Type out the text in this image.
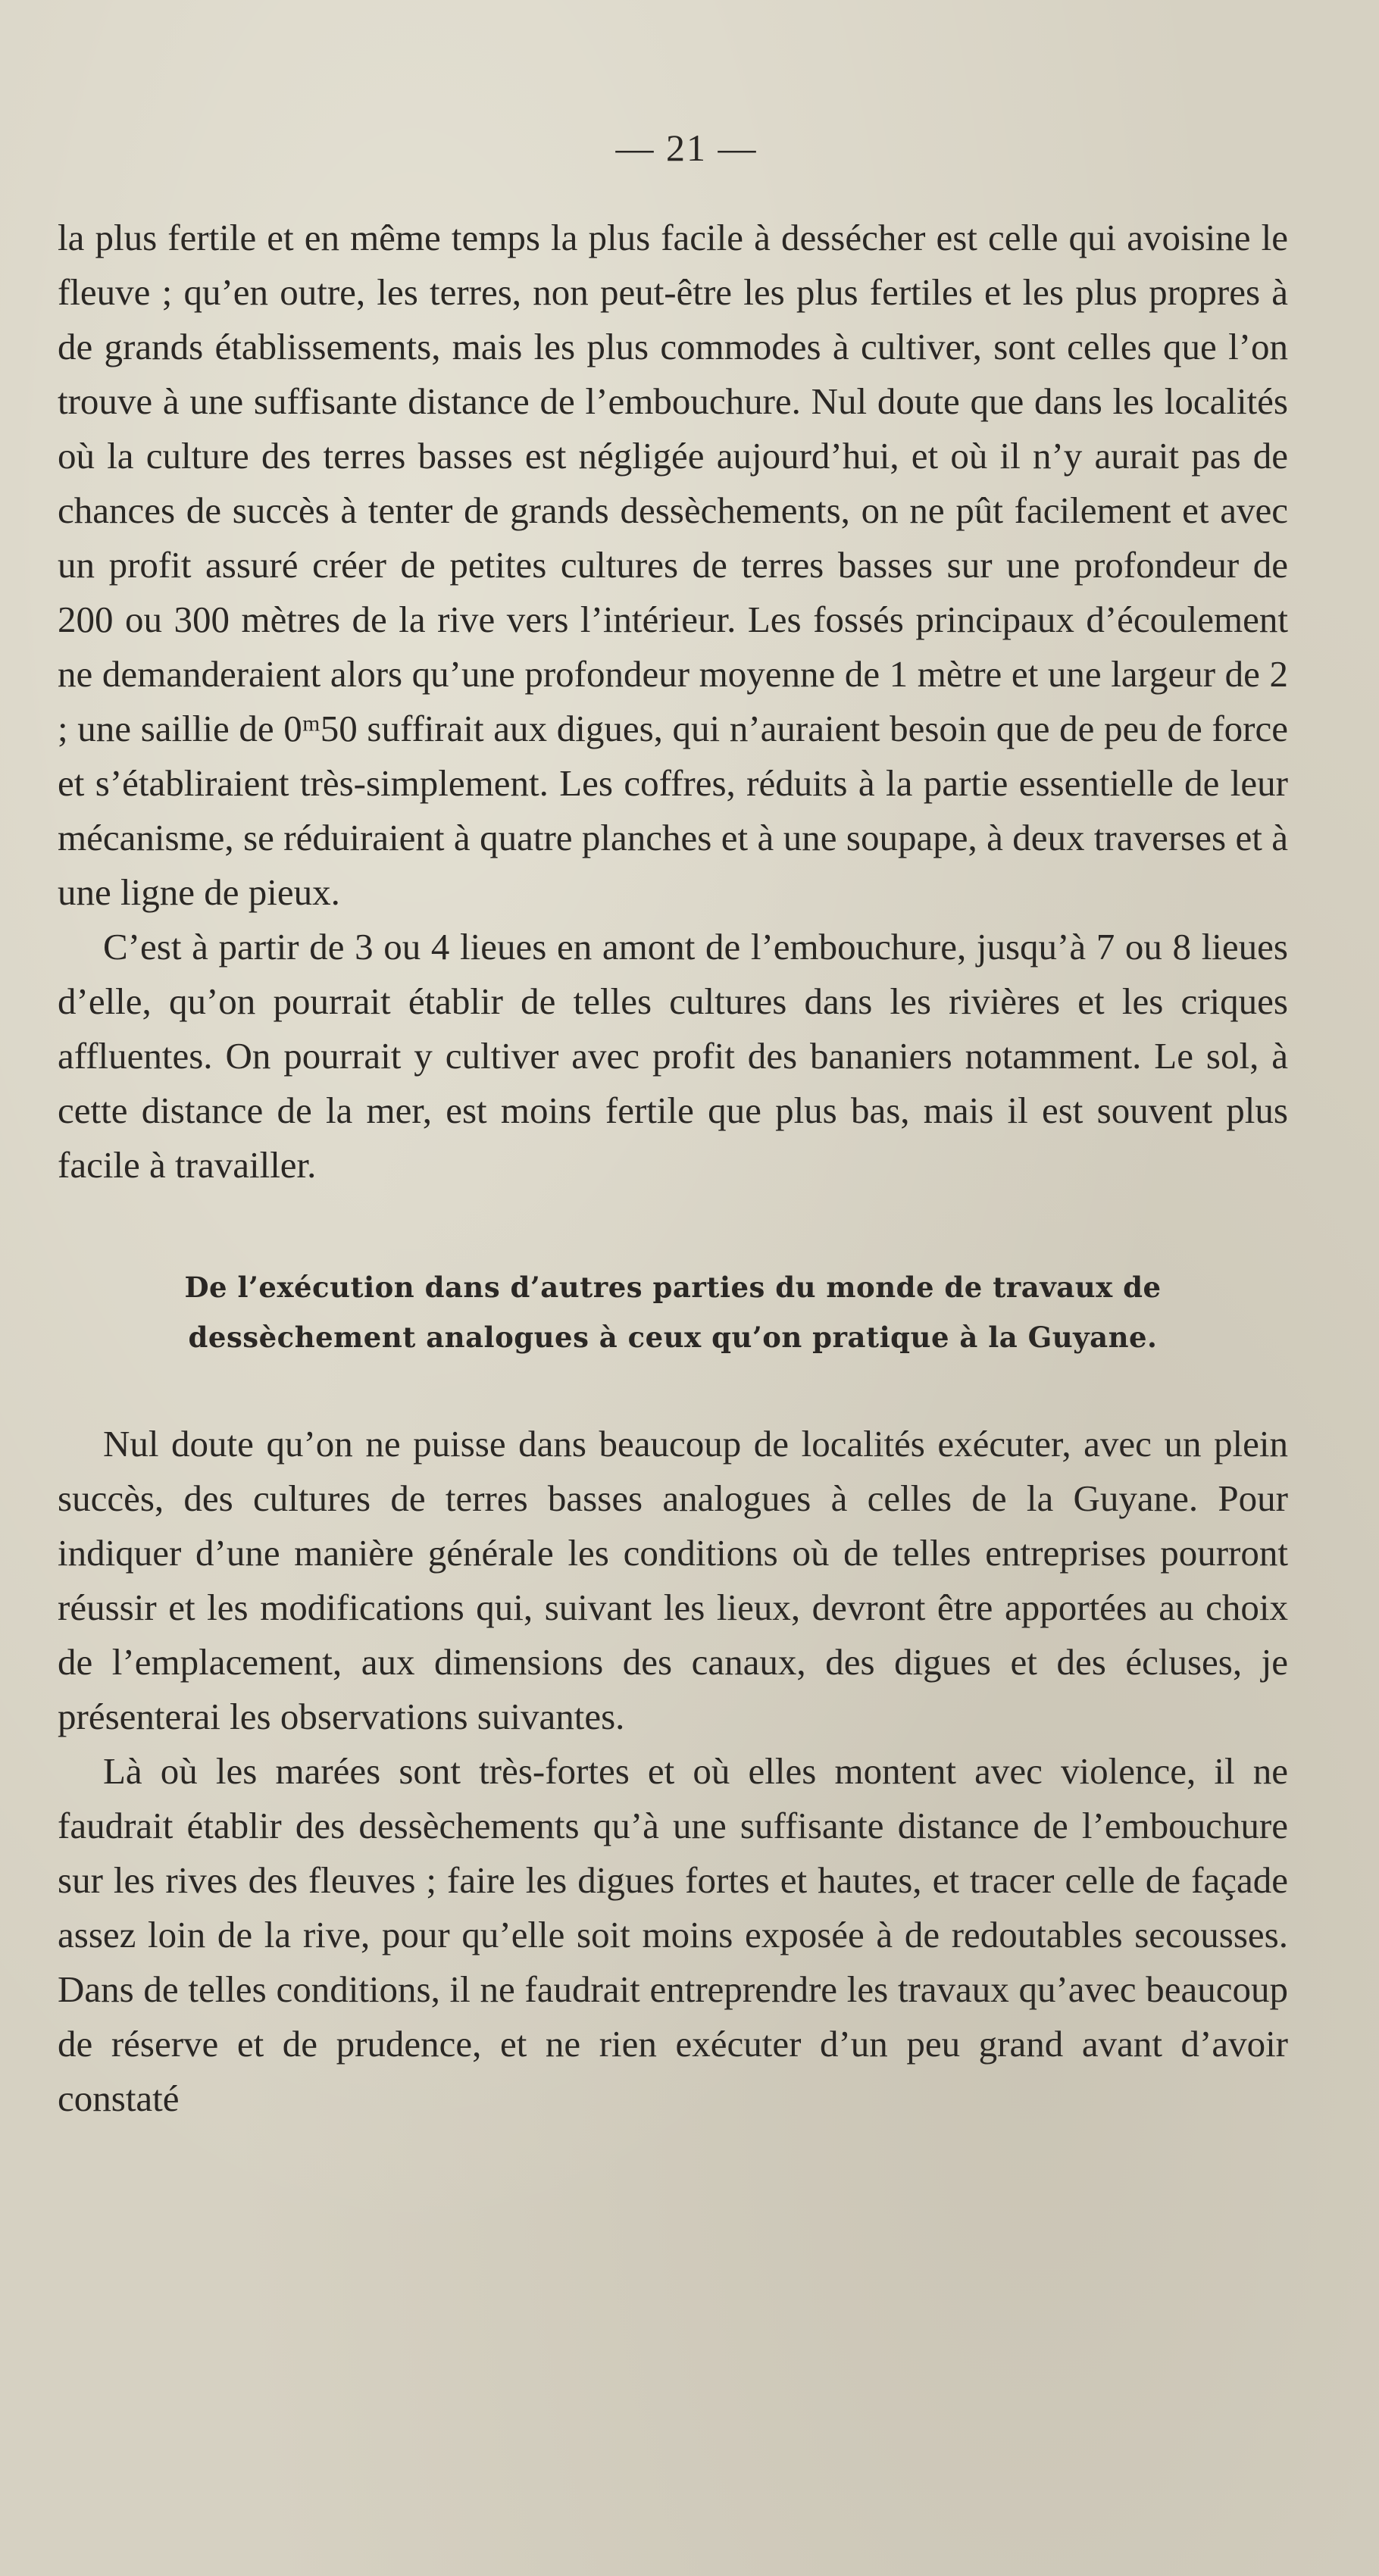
— 21 —

la plus fertile et en même temps la plus facile à dessécher est celle qui avoisine le fleuve ; qu’en outre, les terres, non peut-être les plus fertiles et les plus propres à de grands établissements, mais les plus commodes à cultiver, sont celles que l’on trouve à une suffisante distance de l’embouchure. Nul doute que dans les localités où la culture des terres basses est négligée aujourd’hui, et où il n’y aurait pas de chances de succès à tenter de grands dessèchements, on ne pût facilement et avec un profit assuré créer de petites cultures de terres basses sur une profondeur de 200 ou 300 mètres de la rive vers l’intérieur. Les fossés principaux d’écoulement ne demanderaient alors qu’une profondeur moyenne de 1 mètre et une largeur de 2 ; une saillie de 0ᵐ50 suffirait aux digues, qui n’auraient besoin que de peu de force et s’établiraient très-simplement. Les coffres, réduits à la partie essentielle de leur mécanisme, se réduiraient à quatre planches et à une soupape, à deux traverses et à une ligne de pieux.

C’est à partir de 3 ou 4 lieues en amont de l’embouchure, jusqu’à 7 ou 8 lieues d’elle, qu’on pourrait établir de telles cultures dans les rivières et les criques affluentes. On pourrait y cultiver avec profit des bananiers notamment. Le sol, à cette distance de la mer, est moins fertile que plus bas, mais il est souvent plus facile à travailler.

De l’exécution dans d’autres parties du monde de travaux de dessèchement analogues à ceux qu’on pratique à la Guyane.

Nul doute qu’on ne puisse dans beaucoup de localités exécuter, avec un plein succès, des cultures de terres basses analogues à celles de la Guyane. Pour indiquer d’une manière générale les conditions où de telles entreprises pourront réussir et les modifications qui, suivant les lieux, devront être apportées au choix de l’emplacement, aux dimensions des canaux, des digues et des écluses, je présenterai les observations suivantes.

Là où les marées sont très-fortes et où elles montent avec violence, il ne faudrait établir des dessèchements qu’à une suffisante distance de l’embouchure sur les rives des fleuves ; faire les digues fortes et hautes, et tracer celle de façade assez loin de la rive, pour qu’elle soit moins exposée à de redoutables secousses. Dans de telles conditions, il ne faudrait entreprendre les travaux qu’avec beaucoup de réserve et de prudence, et ne rien exécuter d’un peu grand avant d’avoir constaté
